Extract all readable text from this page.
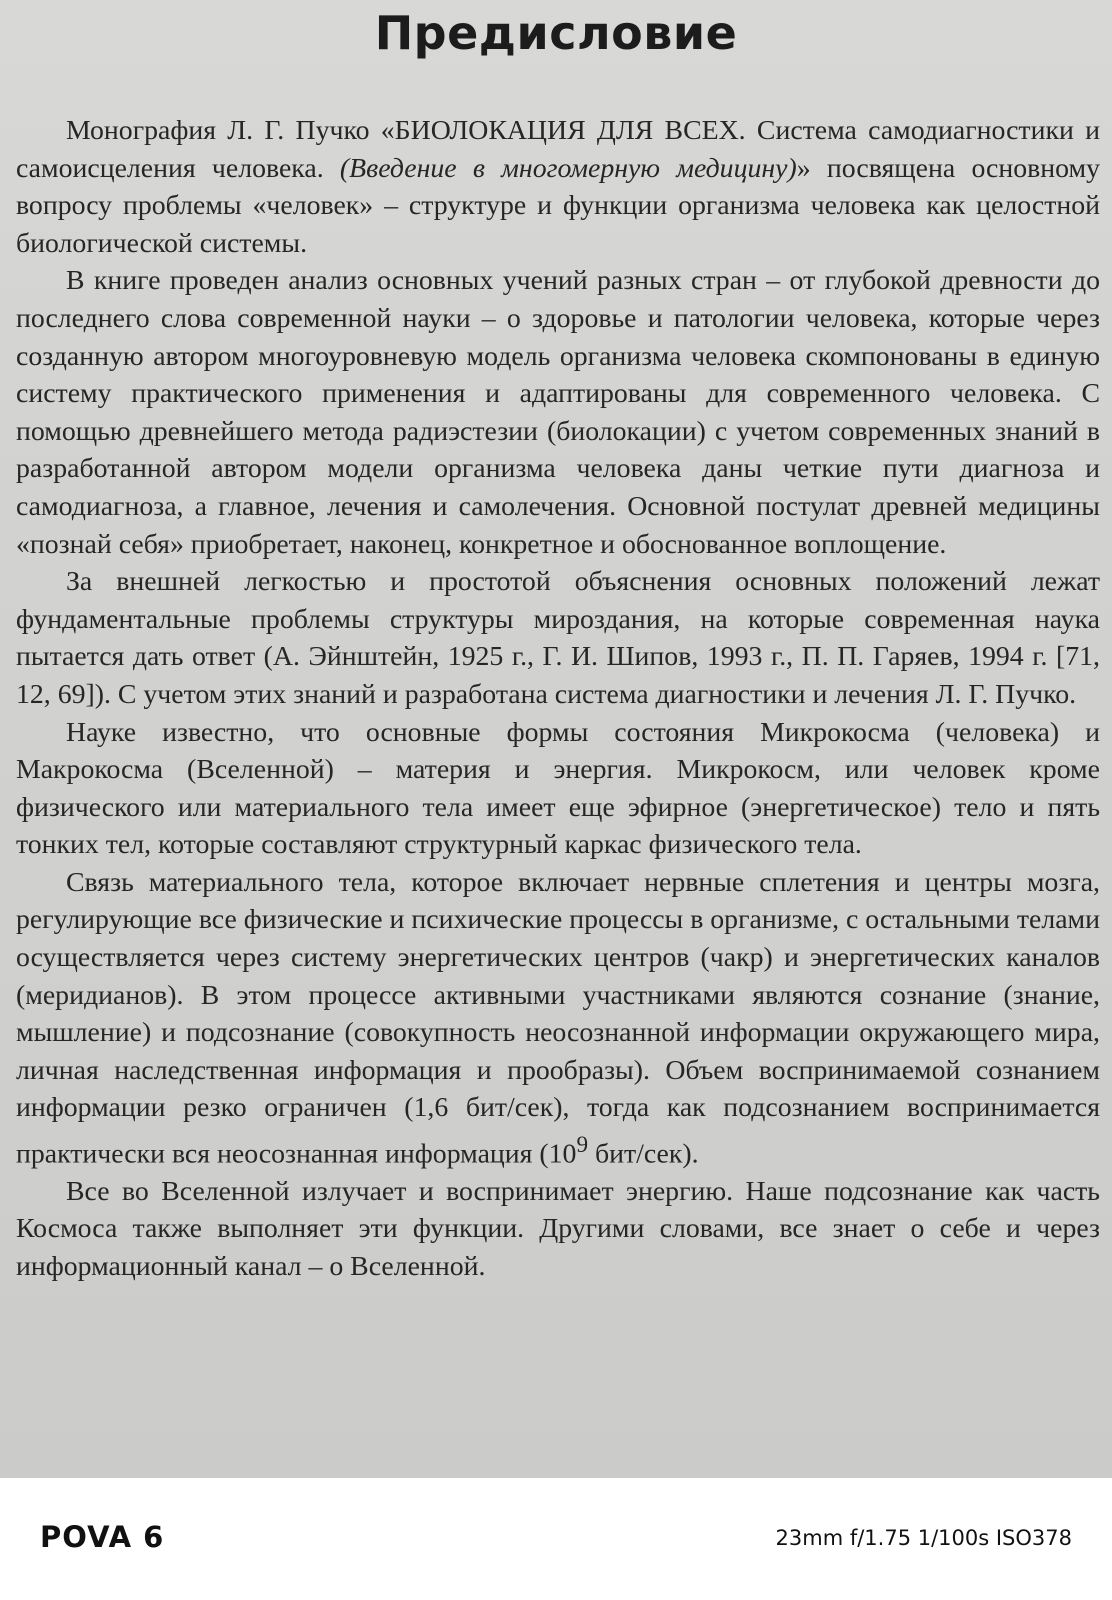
Предисловие

Монография Л. Г. Пучко «БИОЛОКАЦИЯ ДЛЯ ВСЕХ. Система самодиагностики и самоисцеления человека. (Введение в многомерную медицину)» посвящена основному вопросу проблемы «человек» – структуре и функции организма человека как целостной биологической системы.

В книге проведен анализ основных учений разных стран – от глубокой древности до последнего слова современной науки – о здоровье и патологии человека, которые через созданную автором многоуровневую модель организма человека скомпонованы в единую систему практического применения и адаптированы для современного человека. С помощью древнейшего метода радиэстезии (биолокации) с учетом современных знаний в разработанной автором модели организма человека даны четкие пути диагноза и самодиагноза, а главное, лечения и самолечения. Основной постулат древней медицины «познай себя» приобретает, наконец, конкретное и обоснованное воплощение.

За внешней легкостью и простотой объяснения основных положений лежат фундаментальные проблемы структуры мироздания, на которые современная наука пытается дать ответ (А. Эйнштейн, 1925 г., Г. И. Шипов, 1993 г., П. П. Гаряев, 1994 г. [71, 12, 69]). С учетом этих знаний и разработана система диагностики и лечения Л. Г. Пучко.

Науке известно, что основные формы состояния Микрокосма (человека) и Макрокосма (Вселенной) – материя и энергия. Микрокосм, или человек кроме физического или материального тела имеет еще эфирное (энергетическое) тело и пять тонких тел, которые составляют структурный каркас физического тела.

Связь материального тела, которое включает нервные сплетения и центры мозга, регулирующие все физические и психические процессы в организме, с остальными телами осуществляется через систему энергетических центров (чакр) и энергетических каналов (меридианов). В этом процессе активными участниками являются сознание (знание, мышление) и подсознание (совокупность неосознанной информации окружающего мира, личная наследственная информация и прообразы). Объем воспринимаемой сознанием информации резко ограничен (1,6 бит/сек), тогда как подсознанием воспринимается практически вся неосознанная информация ($10^9$ бит/сек).

Все во Вселенной излучает и воспринимает энергию. Наше подсознание как часть Космоса также выполняет эти функции. Другими словами, все знает о себе и через информационный канал – о Вселенной.

POVA 6	23mm f/1.75 1/100s ISO378
